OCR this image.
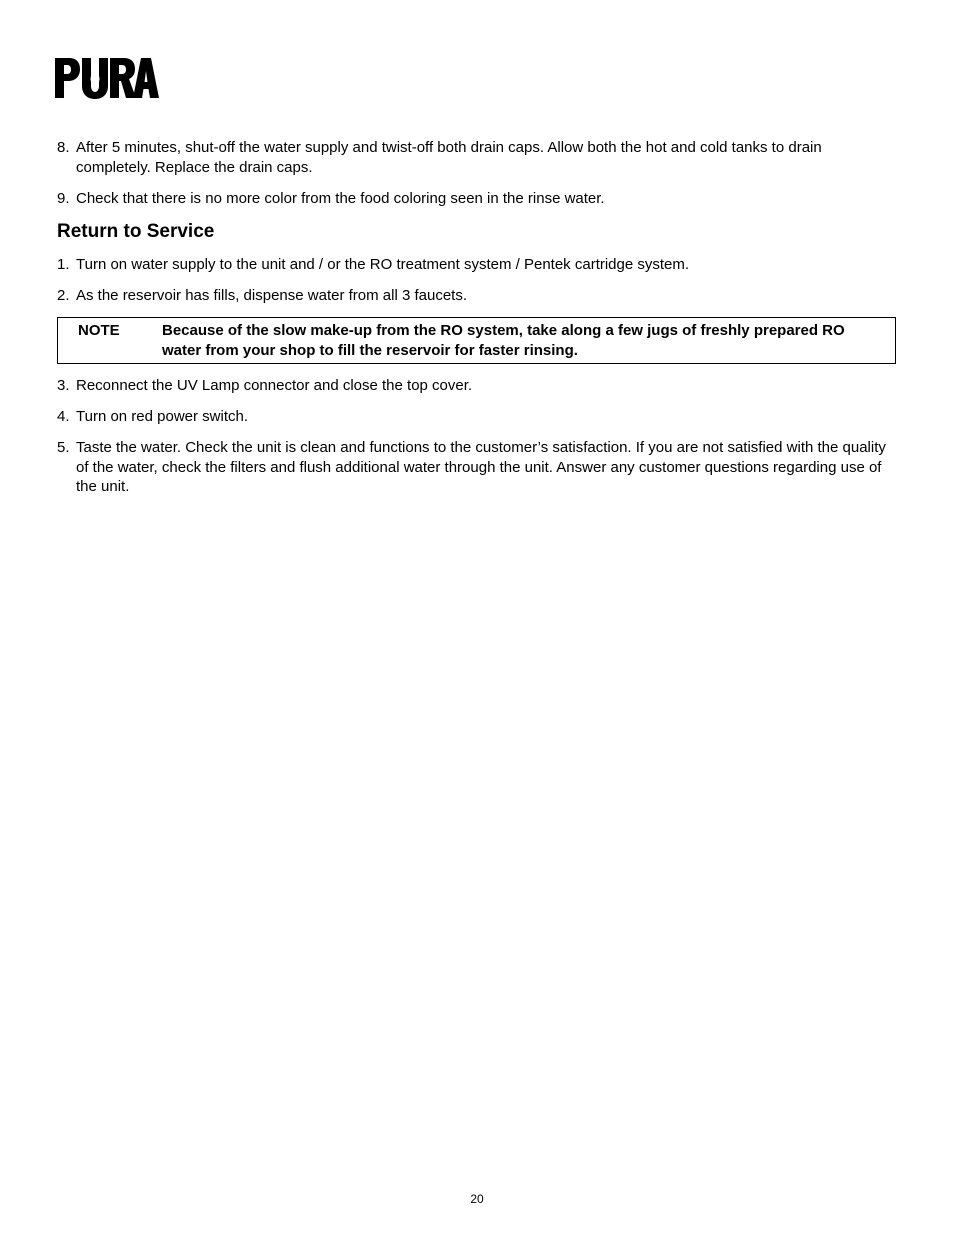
8. After 5 minutes, shut-off the water supply and twist-off both drain caps. Allow both the hot and cold tanks to drain completely. Replace the drain caps.
9. Check that there is no more color from the food coloring seen in the rinse water.
Return to Service
1. Turn on water supply to the unit and / or the RO treatment system / Pentek cartridge system.
2. As the reservoir has fills, dispense water from all 3 faucets.
NOTE	Because of the slow make-up from the RO system, take along a few jugs of freshly prepared RO water from your shop to fill the reservoir for faster rinsing.
3. Reconnect the UV Lamp connector and close the top cover.
4. Turn on red power switch.
5. Taste the water. Check the unit is clean and functions to the customer’s satisfaction. If you are not satisfied with the quality of the water, check the filters and flush additional water through the unit. Answer any customer questions regarding use of the unit.
20
